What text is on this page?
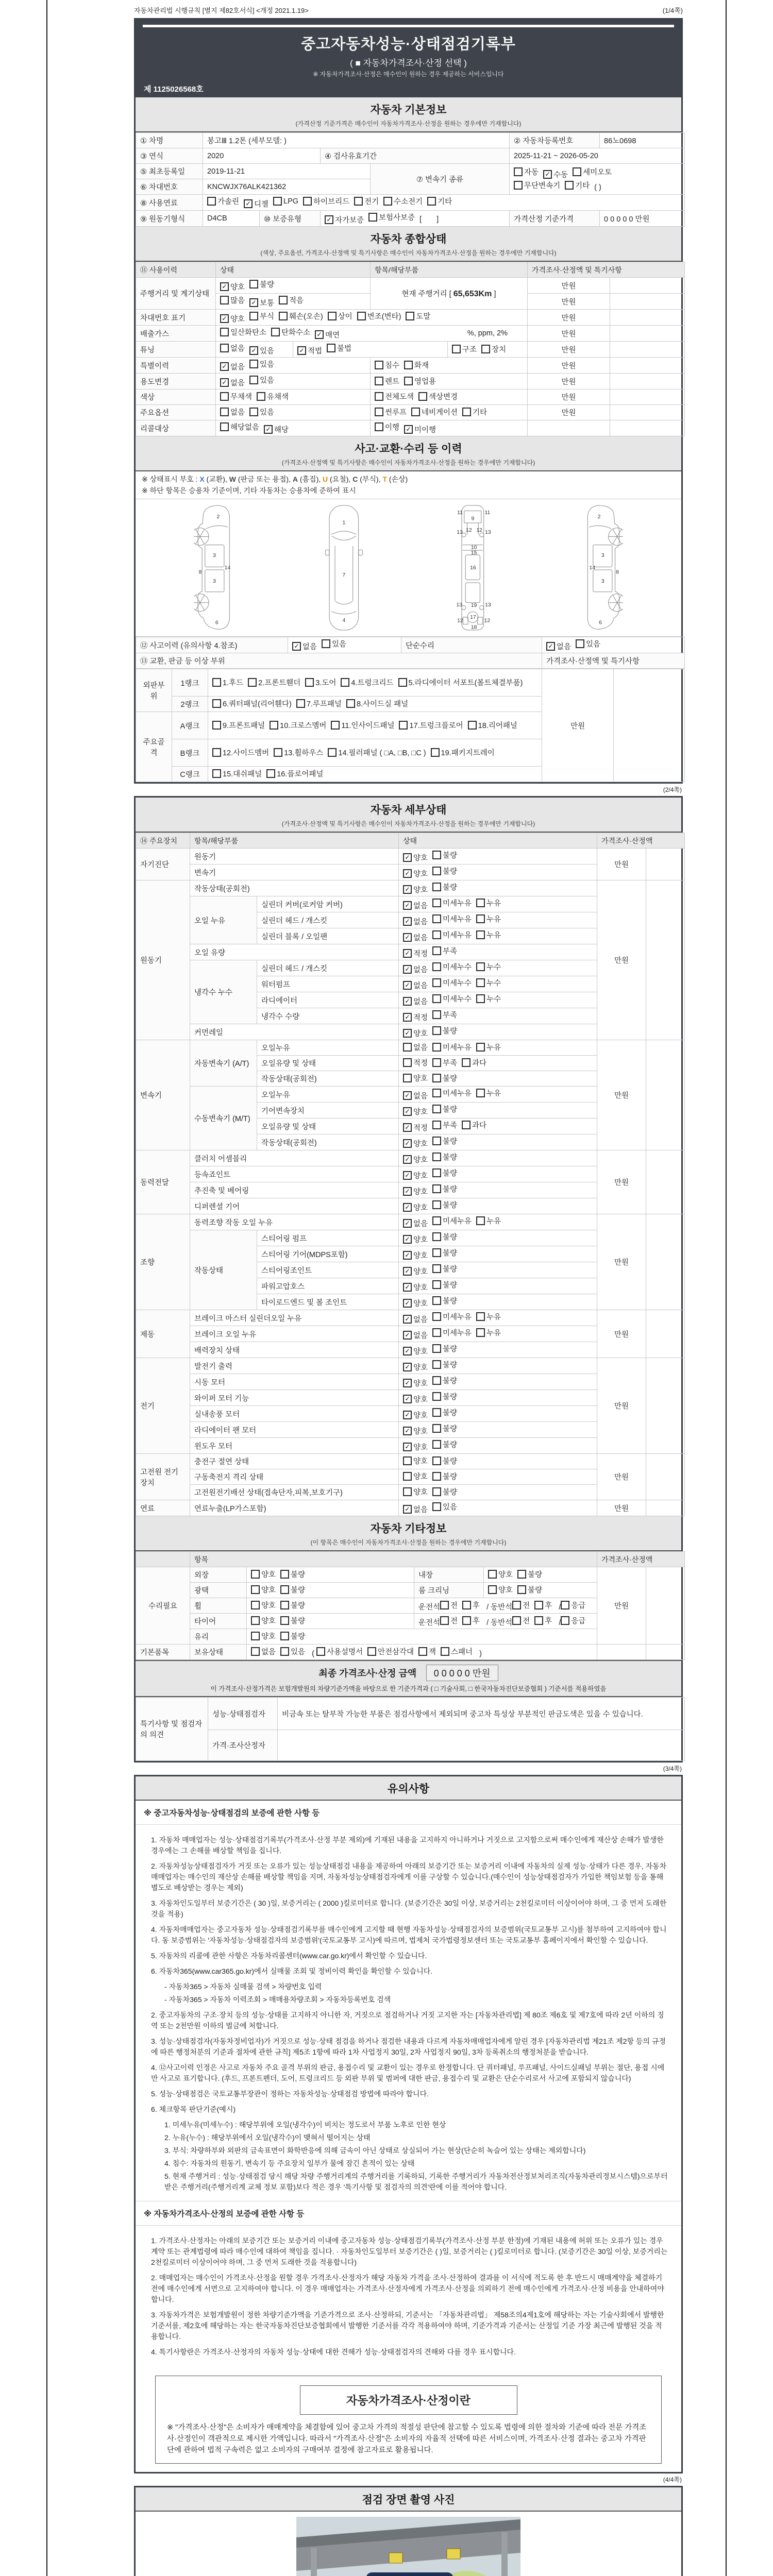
자동차관리법 시행규칙 [별지 제82호서식] <개정 2021.1.19>	(1/4쪽)
중고자동차성능·상태점검기록부
( ■ 자동차가격조사·산정 선택 )
※ 자동차가격조사·산정은 매수인이 원하는 경우 제공하는 서비스입니다
제 1125026568호
자동차 기본정보
(가격산정 기준가격은 매수인이 자동차가격조사·산정을 원하는 경우에만 기재합니다)
① 차명	봉고Ⅲ 1.2톤 (세부모델: )				② 자동차등록번호	86노0698
③ 연식	2020		④ 검사유효기간		2025-11-21 ~ 2026-05-20	
⑤ 최초등록일	2019-11-21	⑦ 변속기 종류	
자동 ✓ 수동 세미오토
무단변속기 기타 ( )

⑥ 차대번호	KNCWJX76ALK421362					
⑧ 사용연료	가솔린 ✓ 디젤 LPG 하이브리드 전기 수소전기 기타

⑨ 원동기형식	D4CB	⑩ 보증유형	✓ 자가보증 보험사보증 [　　]		가격산정 기준가격	0 0 0 0 0 만원
자동차 종합상태
(색상, 주요옵션, 가격조사·산정액 및 특기사항은 매수인이 자동차가격조사·산정을 원하는 경우에만 기재합니다)
⑪ 사용이력	상태		항목/해당부품		가격조사·산정액 및 특기사항	
주행거리 및 계기상태	✓ 양호 불량		현재 주행거리 [ 65,653Km ]		만원	

	많음 ✓ 보통 적음				만원	
차대번호 표기	✓ 양호 부식 훼손(오손) 상이 변조(변타) 도말	만원	
배출가스	일산화탄소 탄화수소 ✓ 매연 %, ppm, 2%				만원	
튜닝	없음 ✓ 있음	✓ 적법 불법		구조 장치	만원	
특별이력	✓ 없음 있음		침수 화재		만원	
용도변경	✓ 없음 있음		렌트 영업용		만원	
색상	무채색 유채색		전체도색 색상변경		만원	
주요옵션	없음 있음		썬루프 네비게이션 기타		만원	
리콜대상	해당없음 ✓ 해당		이행 ✓ 미이행			

사고·교환·수리 등 이력
(가격조사·산정액 및 특기사항은 매수인이 자동차가격조사·산정을 원하는 경우에만 기재합니다)
※ 상태표시 부호 : X (교환), W (판금 또는 용접), A (흠집), U (요철), C (부식), T (손상)
※ 하단 항목은 승용차 기준이며, 기타 자동차는 승용차에 준하여 표시
2
8
3
14
3
6
1
7
4
11 11
9
13 13
12 12
10
15
16
19
13 13
12 12
17
18
2
8
3
14
3
6
⑫ 사고이력 (유의사항 4.참조)	✓ 없음 있음	단순수리	✓ 없음 있음

⑬ 교환, 판금 등 이상 부위			가격조사·산정액 및 특기사항
외판부위	1랭크	1.후드 2.프론트휀더 3.도어 4.트렁크리드 5.라디에이터 서포트(볼트체결부품)	만원	
	2랭크	6.쿼터패널(리어휀다) 7.루프패널 8.사이드실 패널		

주요골격	A랭크	9.프론트패널 10.크로스멤버 11.인사이드패널 17.트렁크플로어 18.리어패널		

	B랭크	12.사이드멤버 13.휠하우스 14.필러패널 ( □A, □B, □C ) 19.패키지트레이		

	C랭크	15.대쉬패널 16.플로어패널		
(2/4쪽)
자동차 세부상태
(가격조사·산정액 및 특기사항은 매수인이 자동차가격조사·산정을 원하는 경우에만 기재합니다)
⑭ 주요장치	항목/해당부품		상태	가격조사·산정액	
자기진단	원동기		✓ 양호 불량	만원	
	변속기		✓ 양호 불량		

원동기	작동상태(공회전)		✓ 양호 불량	만원	
	오일 누유	실린더 커버(로커암 커버)	✓ 없음 미세누유 누유		

		실린더 헤드 / 개스킷	✓ 없음 미세누유 누유		

		실린더 블록 / 오일팬	✓ 없음 미세누유 누유		

	오일 유량		✓ 적정 부족		

	냉각수 누수	실린더 헤드 / 개스킷	✓ 없음 미세누수 누수		

		워터펌프	✓ 없음 미세누수 누수		

		라디에이터	✓ 없음 미세누수 누수		

		냉각수 수량	✓ 적정 부족		

	커먼레일		✓ 양호 불량		

변속기	자동변속기 (A/T)	오일누유	없음 미세누유 누유	만원	
		오일유량 및 상태	적정 부족 과다		

		작동상태(공회전)	양호 불량		

	수동변속기 (M/T)	오일누유	✓ 없음 미세누유 누유		

		기어변속장치	✓ 양호 불량		

		오일유량 및 상태	✓ 적정 부족 과다		

		작동상태(공회전)	✓ 양호 불량		

동력전달	클러치 어셈블리		✓ 양호 불량	만원	
	등속죠인트		✓ 양호 불량		

	추진축 및 베어링		✓ 양호 불량		

	디퍼렌셜 기어		✓ 양호 불량		

조향	동력조향 작동 오일 누유		✓ 없음 미세누유 누유	만원	
	작동상태	스티어링 펌프	✓ 양호 불량		

		스티어링 기어(MDPS포함)	✓ 양호 불량		

		스티어링조인트	✓ 양호 불량		

		파워고압호스	✓ 양호 불량		

		타이로드엔드 및 볼 조인트	✓ 양호 불량		

제동	브레이크 마스터 실린더오일 누유		✓ 없음 미세누유 누유	만원	
	브레이크 오일 누유		✓ 없음 미세누유 누유		

	배력장치 상태		✓ 양호 불량		

전기	발전기 출력		✓ 양호 불량	만원	
	시동 모터		✓ 양호 불량		

	와이퍼 모터 기능		✓ 양호 불량		

	실내송풍 모터		✓ 양호 불량		

	라디에이터 팬 모터		✓ 양호 불량		

	윈도우 모터		✓ 양호 불량		

고전원 전기장치	충전구 절연 상태		양호 불량	만원	
	구동축전지 격리 상태		양호 불량		

	고전원전기배선 상태(접속단자,피복,보호기구)		양호 불량		

연료	연료누출(LP가스포함)		✓ 없음 있음	만원	
자동차 기타정보
(이 항목은 매수인이 자동차가격조사·산정을 원하는 경우에만 기재합니다)
	항목				가격조사·산정액	
수리필요	외장	양호 불량	내장	양호 불량	만원	
	광택	양호 불량	룸 크리닝	양호 불량		

휠	양호 불량	운전석 전 후 / 동반석 전 후 / 응급

타이어	양호 불량	운전석 전 후 / 동반석 전 후 / 응급

	유리	양호 불량				

기본품목	보유상태	없음 있음 ( 사용설명서 안전삼각대 잭 스패너 )		
최종 가격조사·산정 금액 0 0 0 0 0 만원
이 가격조사·산정가격은 보험개발원의 차량기준가액을 바탕으로 한 기준가격과 ( □ 기술사회, □ 한국자동차진단보증협회 ) 기준서를 적용하였음
특기사항 및 점검자의 의견	성능·상태점검자	비금속 또는 탈부착 가능한 부품은 점검사항에서 제외되며 중고차 특성상 부분적인 판금도색은 있을 수 있습니다.
	가격·조사산정자	
(3/4쪽)
유의사항
※ 중고자동차성능·상태점검의 보증에 관한 사항 등

1. 자동차 매매업자는 성능·상태점검기록부(가격조사·산정 부분 제외)에 기재된 내용을 고지하지 아니하거나 거짓으로 고지함으로써 매수인에게 재산상 손해가 발생한 경우에는 그 손해를 배상할 책임을 집니다.

2. 자동차성능상태점검자가 거짓 또는 오류가 있는 성능상태점검 내용을 제공하여 아래의 보증기간 또는 보증거리 이내에 자동차의 실제 성능·상태가 다른 경우, 자동차매매업자는 매수인의 재산상 손해를 배상할 책임을 지며, 자동차성능상태점검자에게 이를 구상할 수 있습니다.(매수인이 성능상태점검자가 가입한 책임보험 등을 통해 별도로 배상받는 경우는 제외)

3. 자동차인도일부터 보증기간은 ( 30 )일, 보증거리는 ( 2000 )킬로미터로 합니다. (보증기간은 30일 이상, 보증거리는 2천킬로미터 이상이어야 하며, 그 중 먼저 도래한 것을 적용)

4. 자동차매매업자는 중고자동차 성능·상태점검기록부를 매수인에게 고지할 때 현행 자동차성능·상태점검자의 보증범위(국토교통부 고시)를 첨부하여 고지하여야 합니다. 동 보증범위는 '자동차성능·상태점검자의 보증범위'(국토교통부 고시)에 따르며, 법제처 국가법령정보센터 또는 국토교통부 홈페이지에서 확인할 수 있습니다.

5. 자동차의 리콜에 관한 사항은 자동차리콜센터(www.car.go.kr)에서 확인할 수 있습니다.

6. 자동차365(www.car365.go.kr)에서 실매물 조회 및 정비이력 확인을 확인할 수 있습니다.

- 자동차365 > 자동차 실매물 검색 > 차량번호 입력

- 자동차365 > 자동차 이력조회 > 매매용차량조회 > 자동차등록번호 검색

2. 중고자동차의 구조·장치 등의 성능·상태를 고지하지 아니한 자, 거짓으로 점검하거나 거짓 고지한 자는 [자동차관리법] 제 80조 제6호 및 제7호에 따라 2년 이하의 징역 또는 2천만원 이하의 벌금에 처합니다.

3. 성능·상태점검자(자동차정비업자)가 거짓으로 성능·상태 점검을 하거나 점검한 내용과 다르게 자동차매매업자에게 알린 경우 [자동차관리법 제21조 제2항 등의 규정에 따른 행정처분의 기준과 절차에 관한 규칙] 제5조 1항에 따라 1차 사업정지 30일, 2차 사업정지 90일, 3차 등록취소의 행정처분을 받습니다.

4. ⑫사고이력 인정은 사고로 자동차 주요 골격 부위의 판금, 용접수리 및 교환이 있는 경우로 한정합니다. 단 쿼터패널, 루프패널, 사이드실패널 부위는 절단, 용접 시에만 사고로 표기합니다. (후드, 프론트펜더, 도어, 트렁크리드 등 외판 부위 및 범퍼에 대한 판금, 용접수리 및 교환은 단순수리로서 사고에 포함되지 않습니다)

5. 성능·상태점검은 국토교통부장관이 정하는 자동차성능·상태점검 방법에 따라야 합니다.

6. 체크항목 판단기준(예시)

1. 미세누유(미세누수) : 해당부위에 오일(냉각수)이 비치는 정도로서 부품 노후로 인한 현상

2. 누유(누수) : 해당부위에서 오일(냉각수)이 맺혀서 떨어지는 상태

3. 부식: 차량하부와 외판의 금속표면이 화학반응에 의해 금속이 아닌 상태로 상실되어 가는 현상(단순히 녹슬어 있는 상태는 제외합니다)

4. 침수: 자동차의 원동기, 변속기 등 주요장치 일부가 물에 잠긴 흔적이 있는 상태

5. 현재 주행거리 : 성능·상태점검 당시 해당 차량 주행거리계의 주행거리를 기록하되, 기록한 주행거리가 자동차전산정보처리조직(자동차관리정보시스템)으로부터 받은 주행거리(주행거리계 교체 정보 포함)보다 적은 경우 '특기사항 및 점검자의 의견'란에 이를 적어야 합니다.

※ 자동차가격조사·산정의 보증에 관한 사항 등

1. 가격조사·산정자는 아래의 보증기간 또는 보증거리 이내에 중고자동차 성능·상태점검기록부(가격조사·산정 부분 한정)에 기재된 내용에 허위 또는 오류가 있는 경우 계약 또는 관계법령에 따라 매수인에 대하여 책임을 집니다. · 자동차인도일부터 보증기간은 ( )일, 보증거리는 ( )킬로미터로 합니다. (보증기간은 30일 이상, 보증거리는 2천킬로미터 이상이어야 하며, 그 중 먼저 도래한 것을 적용합니다)

2. 매매업자는 매수인이 가격조사·산정을 원할 경우 가격조사·산정자가 해당 자동차 가격을 조사·산정하여 결과를 이 서식에 적도록 한 후 반드시 매매계약을 체결하기 전에 매수인에게 서면으로 고지하여야 합니다. 이 경우 매매업자는 가격조사·산정자에게 가격조사·산정을 의뢰하기 전에 매수인에게 가격조사·산정 비용을 안내하여야 합니다.

3. 자동차가격은 보험개발원이 정한 차량기준가액을 기준가격으로 조사·산정하되, 기준서는 「자동차관리법」 제58조의4제1호에 해당하는 자는 기술사회에서 발행한 기준서를, 제2호에 해당하는 자는 한국자동차진단보증협회에서 발행한 기준서를 각각 적용하여야 하며, 기준가격과 기준서는 산정일 기준 가장 최근에 발행된 것을 적용합니다.

4. 특기사항란은 가격조사·산정자의 자동차 성능·상태에 대한 견해가 성능·상태점검자의 견해와 다를 경우 표시합니다.

자동차가격조사·산정이란
※ "가격조사·산정"은 소비자가 매매계약을 체결함에 있어 중고차 가격의 적절성 판단에 참고할 수 있도록 법령에 의한 절차와 기준에 따라 전문 가격조사·산정인이 객관적으로 제시한 가액입니다. 따라서 "가격조사·산정"은 소비자의 자율적 선택에 따른 서비스이며, 가격조사·산정 결과는 중고차 가격판단에 관하여 법적 구속력은 없고 소비자의 구매여부 결정에 참고자료로 활용됩니다.
(4/4쪽)
점검 장면 촬영 사진
